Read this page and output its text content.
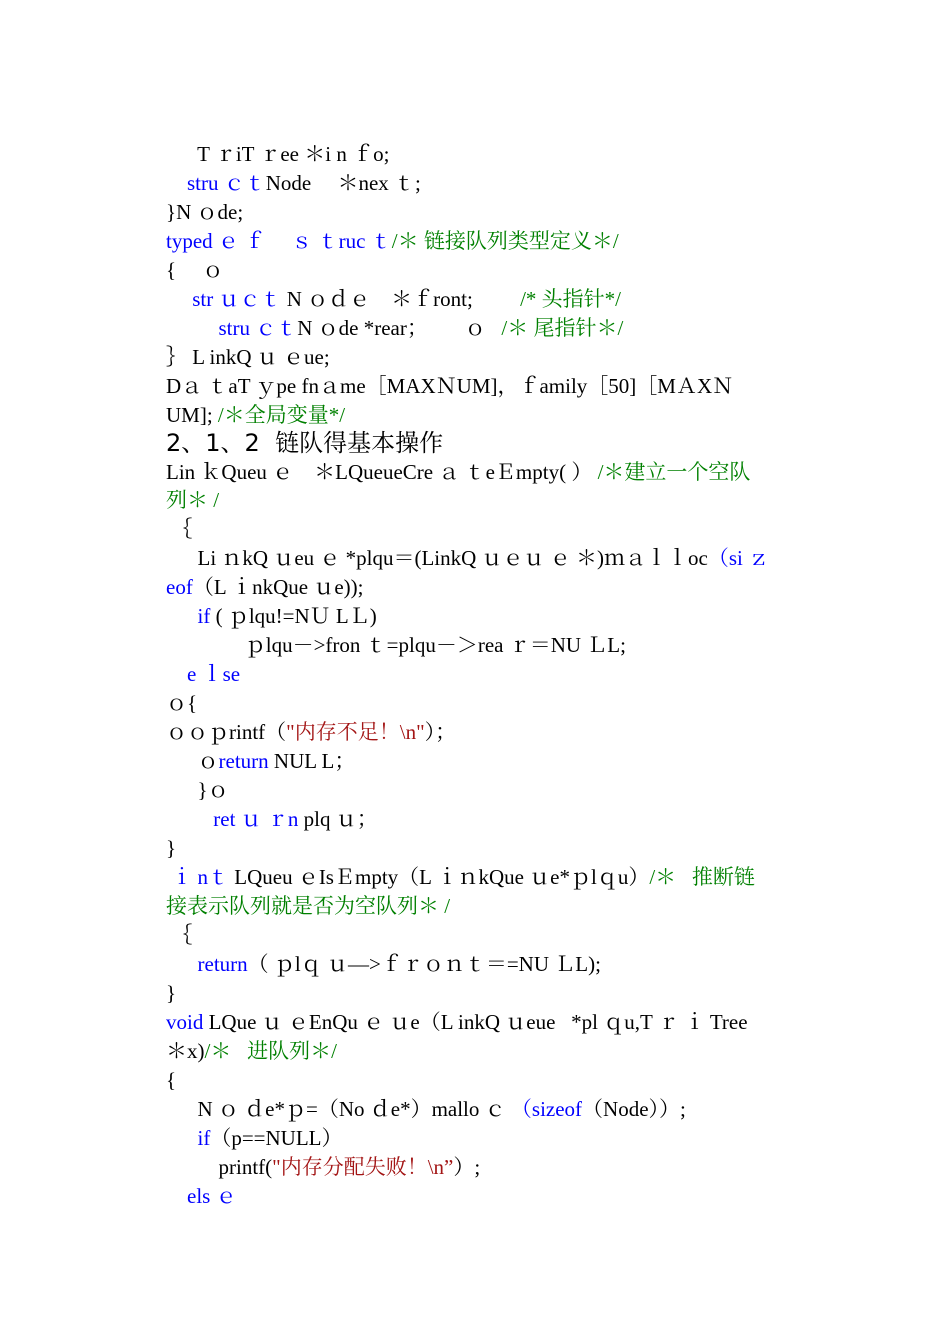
T ｒiT ｒee ＊i n ｆo;
stru ｃｔNode     ＊nex ｔ;
}N ｏde;
typed ｅ ｆ     ｓ ｔruc ｔ/＊ 链接队列类型定义＊/
{     ｏ
str ｕｃｔ N ｏｄｅ    ＊ｆront;         /* 头指针*/
stru ｃｔN ｏde *rear；       ｏ   /＊ 尾指针＊/
｝ L inkQ ｕ ｅue;
Dａ ｔaT ｙpe fnａme［MAXＮUM]，ｆamily［50]［MＡXＮ
UM]; /＊全局变量*/
2、1、2  链队得基本操作
Lin ｋQueu ｅ    ＊LQueueCre ａ ｔeＥmpty( ） /＊建立一个空队
列＊ /
｛
Li ｎkQ ｕeu ｅ *plqu＝(LinkQ ｕｅｕ ｅ ＊)ｍａｌｌoc（si ｚ
eof（L ｉnkQue ｕe));
if ( ｐlqu!=NＵ LＬ)
ｐlqu－>fron ｔ=plqu－＞rea ｒ＝NU ＬL;
e ｌse
ｏ{
ｏｏｐrintf（"内存不足！\n"）；
ｏreturn NUL L；
}ｏ
ret ｕ ｒn plq ｕ；
}
ｉ nｔ LQueu ｅIsＥmpty（L ｉｎkQue ｕe*ｐlｑu）/＊   推断链
接表示队列就是否为空队列＊ /
｛
return（ ｐlｑ ｕ—>ｆｒｏｎｔ＝=NU ＬL);
}
void LQue ｕ ｅEnQu ｅ ｕe（L inkQ ｕeue   *pl ｑu,T ｒ ｉ Tree
＊x)/＊   进队列＊/
{
N ｏ ｄe*ｐ=（No ｄe*）mallo ｃ （sizeof（Node））;
if（p==NULL）
printf("内存分配失败！\n”）;
els ｅ
